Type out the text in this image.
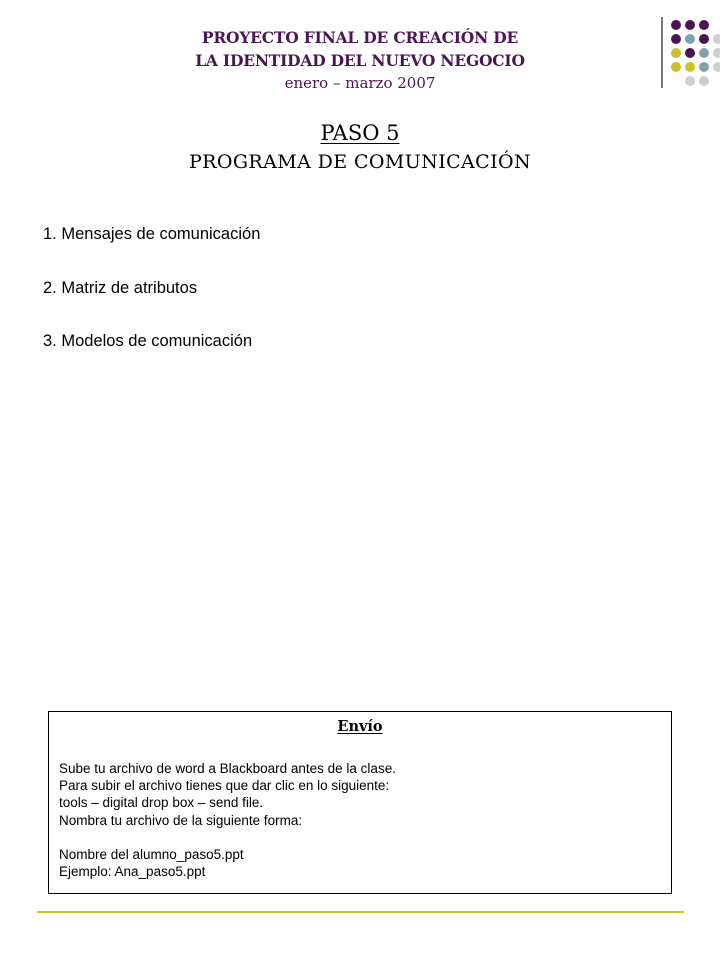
PROYECTO FINAL DE CREACIÓN DE
LA IDENTIDAD DEL NUEVO NEGOCIO
enero – marzo 2007
PASO 5
PROGRAMA DE COMUNICACIÓN
1. Mensajes de comunicación
2. Matriz de atributos
3. Modelos de comunicación
Envío
Sube tu archivo de word a Blackboard antes de la clase.
Para subir el archivo tienes que dar clic en lo siguiente:
tools – digital drop box – send file.
Nombra tu archivo de la siguiente forma:
Nombre del alumno_paso5.ppt
Ejemplo: Ana_paso5.ppt
